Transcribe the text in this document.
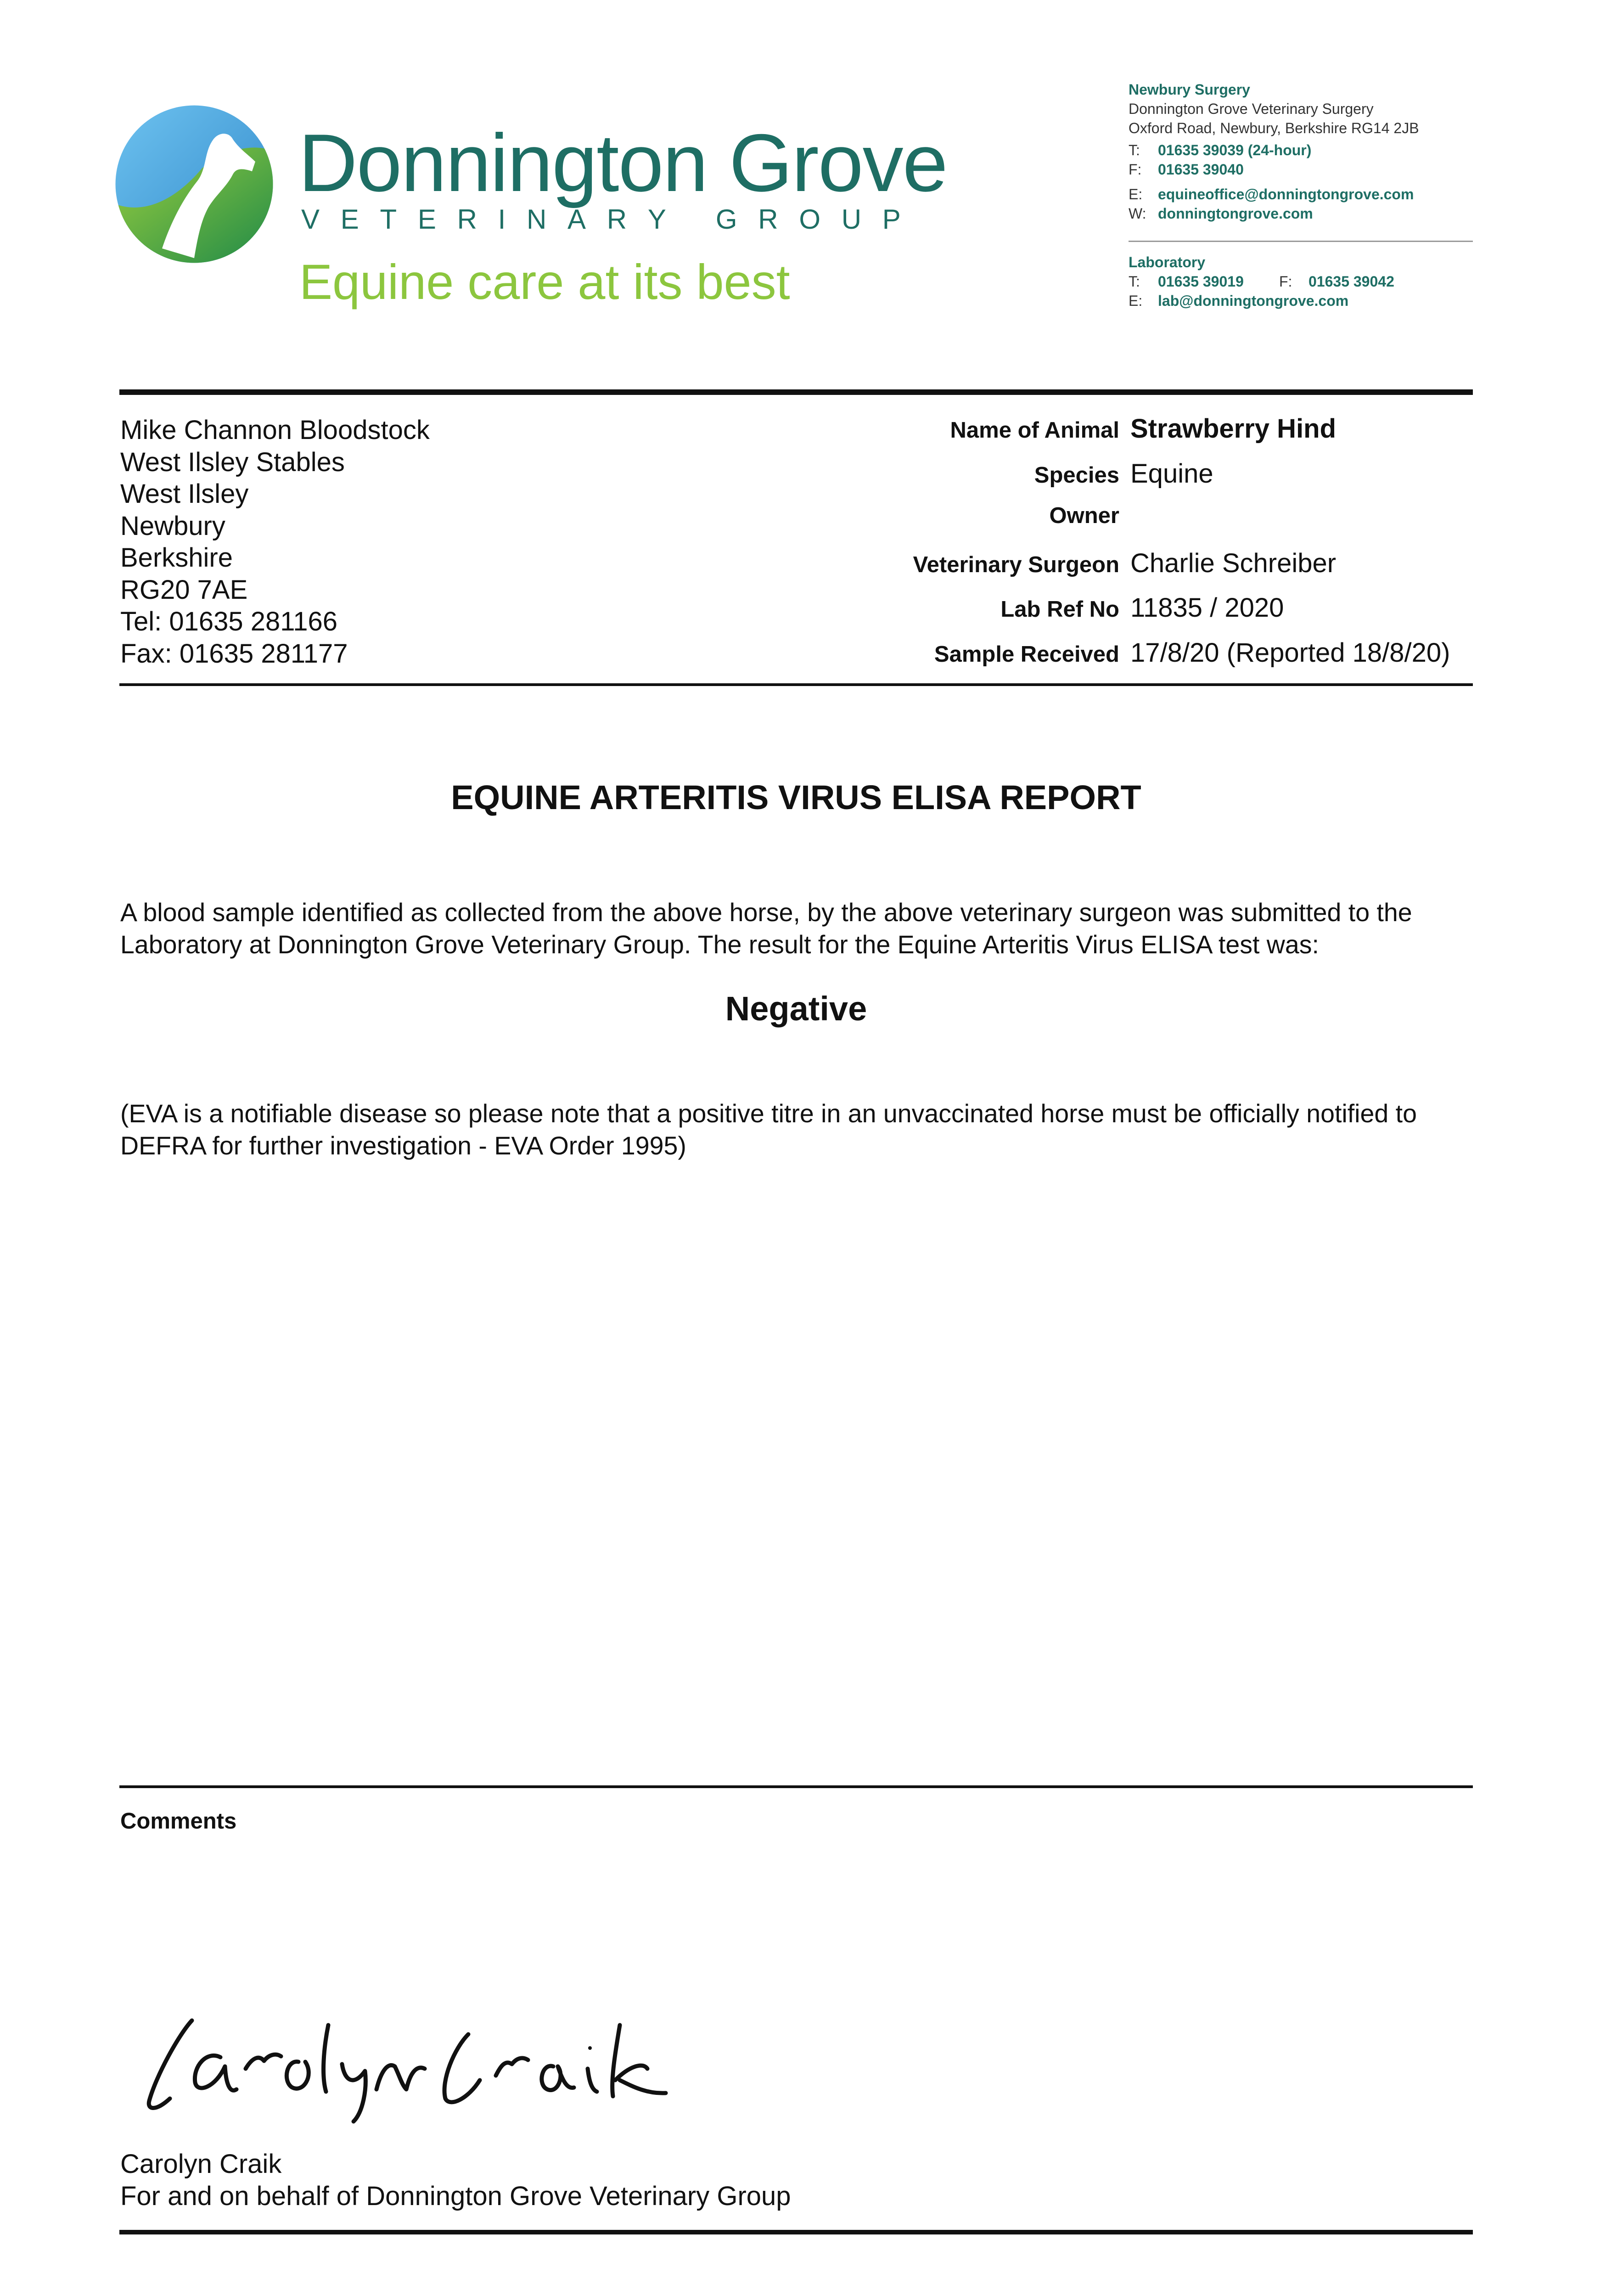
Donnington Grove
V E T E R I N A R Y
G R O U P
Equine care at its best
Newbury Surgery
Donnington Grove Veterinary Surgery
Oxford Road, Newbury, Berkshire RG14 2JB
T: 01635 39039 (24-hour)
F: 01635 39040
E: equineoffice@donningtongrove.com
W: donningtongrove.com
Laboratory
T: 01635 39019 F: 01635 39042
E: lab@donningtongrove.com
Mike Channon Bloodstock
West Ilsley Stables
West Ilsley
Newbury
Berkshire
RG20 7AE
Tel: 01635 281166
Fax: 01635 281177
Name of Animal Strawberry Hind
Species Equine
Owner
Veterinary Surgeon Charlie Schreiber
Lab Ref No 11835 / 2020
Sample Received 17/8/20 (Reported 18/8/20)
EQUINE ARTERITIS VIRUS ELISA REPORT

A blood sample identified as collected from the above horse, by the above veterinary surgeon was submitted to the Laboratory at Donnington Grove Veterinary Group. The result for the Equine Arteritis Virus ELISA test was:

Negative

(EVA is a notifiable disease so please note that a positive titre in an unvaccinated horse must be officially notified to DEFRA for further investigation - EVA Order 1995)

Comments
Carolyn Craik
For and on behalf of Donnington Grove Veterinary Group
